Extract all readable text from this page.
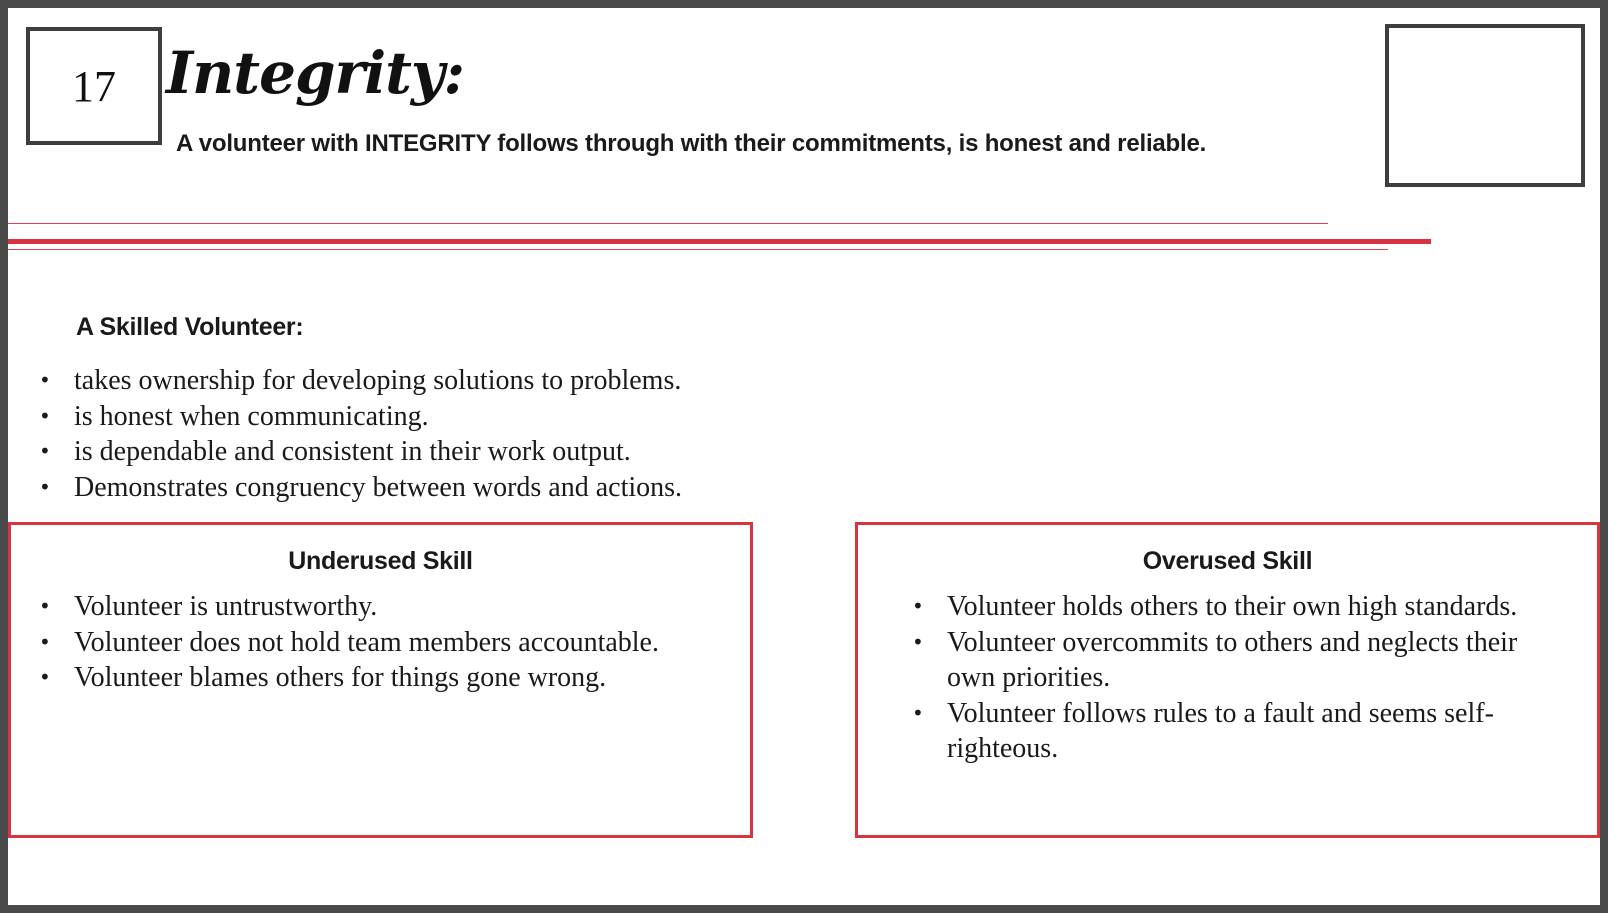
17 Integrity:
A volunteer with INTEGRITY follows through with their commitments, is honest and reliable.
A Skilled Volunteer:
• takes ownership for developing solutions to problems.
• is honest when communicating.
• is dependable and consistent in their work output.
• Demonstrates congruency between words and actions.
Underused Skill
• Volunteer is untrustworthy.
• Volunteer does not hold team members accountable.
• Volunteer blames others for things gone wrong.
Overused Skill
• Volunteer holds others to their own high standards.
• Volunteer overcommits to others and neglects their own priorities.
• Volunteer follows rules to a fault and seems self-righteous.
